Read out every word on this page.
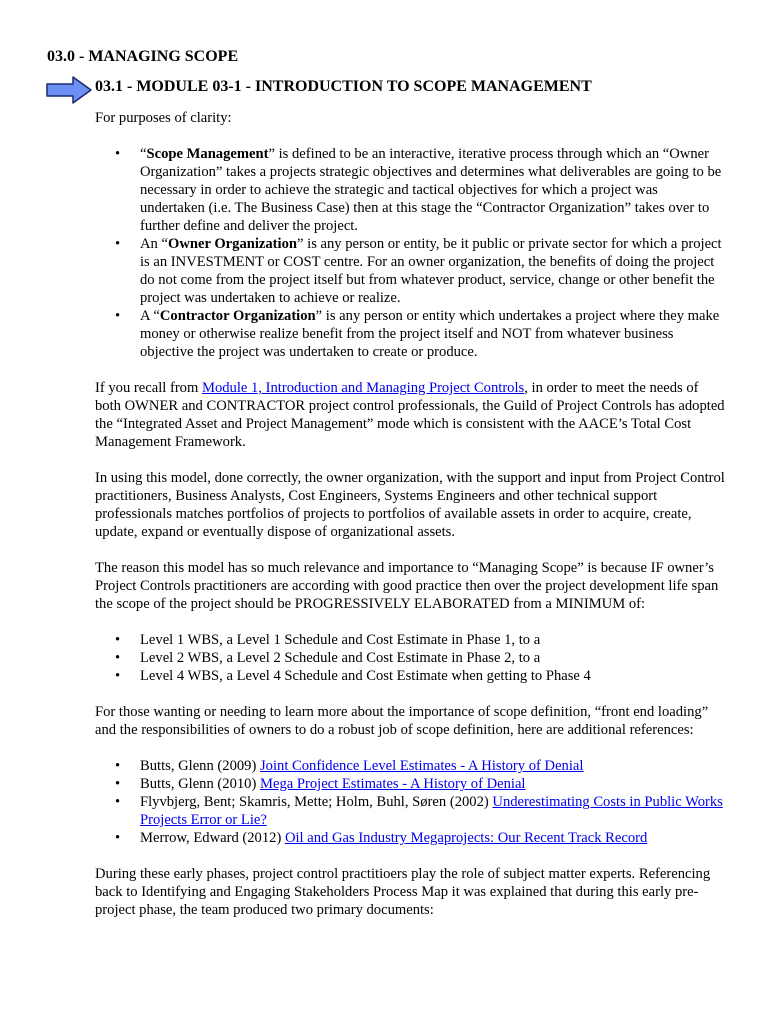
03.0 - MANAGING SCOPE
03.1 - MODULE 03-1 - INTRODUCTION TO SCOPE MANAGEMENT

For purposes of clarity:

• “Scope Management” is defined to be an interactive, iterative process through which an “Owner Organization” takes a projects strategic objectives and determines what deliverables are going to be necessary in order to achieve the strategic and tactical objectives for which a project was undertaken (i.e. The Business Case) then at this stage the “Contractor Organization” takes over to further define and deliver the project.
• An “Owner Organization” is any person or entity, be it public or private sector for which a project is an INVESTMENT or COST centre. For an owner organization, the benefits of doing the project do not come from the project itself but from whatever product, service, change or other benefit the project was undertaken to achieve or realize.
• A “Contractor Organization” is any person or entity which undertakes a project where they make money or otherwise realize benefit from the project itself and NOT from whatever business objective the project was undertaken to create or produce.

If you recall from Module 1, Introduction and Managing Project Controls, in order to meet the needs of both OWNER and CONTRACTOR project control professionals, the Guild of Project Controls has adopted the “Integrated Asset and Project Management” mode which is consistent with the AACE’s Total Cost Management Framework.

In using this model, done correctly, the owner organization, with the support and input from Project Control practitioners, Business Analysts, Cost Engineers, Systems Engineers and other technical support professionals matches portfolios of projects to portfolios of available assets in order to acquire, create, update, expand or eventually dispose of organizational assets.

The reason this model has so much relevance and importance to “Managing Scope” is because IF owner’s Project Controls practitioners are according with good practice then over the project development life span the scope of the project should be PROGRESSIVELY ELABORATED from a MINIMUM of:

• Level 1 WBS, a Level 1 Schedule and Cost Estimate in Phase 1, to a
• Level 2 WBS, a Level 2 Schedule and Cost Estimate in Phase 2, to a
• Level 4 WBS, a Level 4 Schedule and Cost Estimate when getting to Phase 4

For those wanting or needing to learn more about the importance of scope definition, “front end loading” and the responsibilities of owners to do a robust job of scope definition, here are additional references:

• Butts, Glenn (2009) Joint Confidence Level Estimates - A History of Denial
• Butts, Glenn (2010) Mega Project Estimates - A History of Denial
• Flyvbjerg, Bent; Skamris, Mette; Holm, Buhl, Søren (2002) Underestimating Costs in Public Works Projects Error or Lie?
• Merrow, Edward (2012) Oil and Gas Industry Megaprojects: Our Recent Track Record

During these early phases, project control practitioers play the role of subject matter experts. Referencing back to Identifying and Engaging Stakeholders Process Map it was explained that during this early pre-project phase, the team produced two primary documents:
